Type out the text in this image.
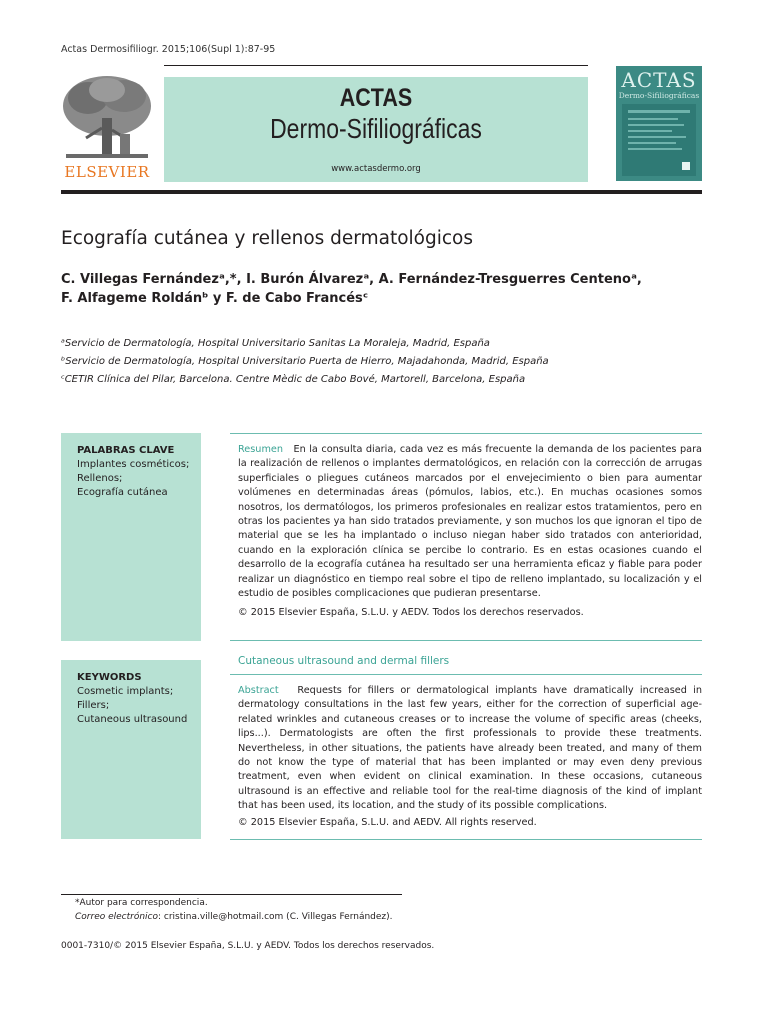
Actas Dermosifiliogr. 2015;106(Supl 1):87-95
ELSEVIER
ACTAS
Dermo-Sifiliográficas
www.actasdermo.org
ACTAS
Dermo-Sifiliográficas
Ecografía cutánea y rellenos dermatológicos
C. Villegas Fernándezᵃ,*, I. Burón Álvarezᵃ, A. Fernández-Tresguerres Centenoᵃ,
F. Alfageme Roldánᵇ y F. de Cabo Francésᶜ
ᵃServicio de Dermatología, Hospital Universitario Sanitas La Moraleja, Madrid, España
ᵇServicio de Dermatología, Hospital Universitario Puerta de Hierro, Majadahonda, Madrid, España
ᶜCETIR Clínica del Pilar, Barcelona. Centre Mèdic de Cabo Bové, Martorell, Barcelona, España
PALABRAS CLAVE
Implantes cosméticos;
Rellenos;
Ecografía cutánea
Resumen En la consulta diaria, cada vez es más frecuente la demanda de los pacientes para la realización de rellenos o implantes dermatológicos, en relación con la corrección de arrugas superficiales o pliegues cutáneos marcados por el envejecimiento o bien para aumentar volúmenes en determinadas áreas (pómulos, labios, etc.). En muchas ocasiones somos nosotros, los dermatólogos, los primeros profesionales en realizar estos tratamientos, pero en otras los pacientes ya han sido tratados previamente, y son muchos los que ignoran el tipo de material que se les ha implantado o incluso niegan haber sido tratados con anterioridad, cuando en la exploración clínica se percibe lo contrario. Es en estas ocasiones cuando el desarrollo de la ecografía cutánea ha resultado ser una herramienta eficaz y fiable para poder realizar un diagnóstico en tiempo real sobre el tipo de relleno implantado, su localización y el estudio de posibles complicaciones que pudieran presentarse.
© 2015 Elsevier España, S.L.U. y AEDV. Todos los derechos reservados.
KEYWORDS
Cosmetic implants;
Fillers;
Cutaneous ultrasound
Cutaneous ultrasound and dermal fillers
Abstract Requests for fillers or dermatological implants have dramatically increased in dermatology consultations in the last few years, either for the correction of superficial age-related wrinkles and cutaneous creases or to increase the volume of specific areas (cheeks, lips...). Dermatologists are often the first professionals to provide these treatments. Nevertheless, in other situations, the patients have already been treated, and many of them do not know the type of material that has been implanted or may even deny previous treatment, even when evident on clinical examination. In these occasions, cutaneous ultrasound is an effective and reliable tool for the real-time diagnosis of the kind of implant that has been used, its location, and the study of its possible complications.
© 2015 Elsevier España, S.L.U. and AEDV. All rights reserved.
*Autor para correspondencia.
Correo electrónico: cristina.ville@hotmail.com (C. Villegas Fernández).
0001-7310/© 2015 Elsevier España, S.L.U. y AEDV. Todos los derechos reservados.
